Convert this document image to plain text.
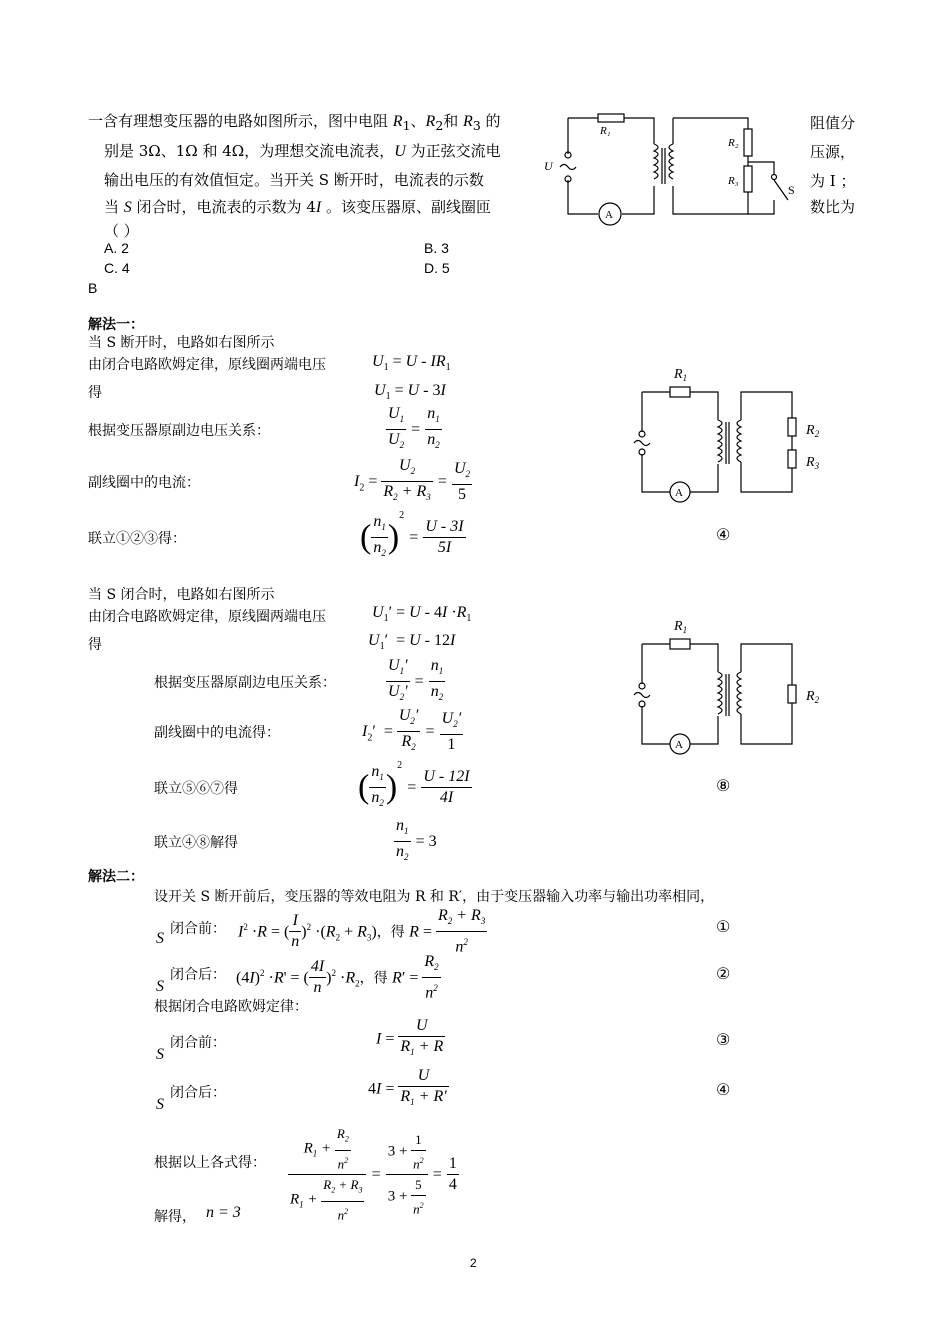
一含有理想变压器的电路如图所示，图中电阻 $R_1$、$R_2$和 $R_3$ 的
别是 3Ω、1Ω 和 4Ω，为理想交流电流表，U 为正弦交流电
输出电压的有效值恒定。当开关 S 断开时，电流表的示数
当 S 闭合时，电流表的示数为 4I 。该变压器原、副线圈匝
（ ）
阻值分
压源，
为 I ；
数比为
A. 2	B. 3
C. 4	D. 5
B
R₁
R₂
R₃
U
S
A
解法一：
当 S 断开时，电路如右图所示
由闭合电路欧姆定律，原线圈两端电压	$U_1 = U - IR_1$
得	$U_1 = U - 3I$
根据变压器原副边电压关系：	$\frac{U_1}{U_2} = \frac{n_1}{n_2}$
副线圈中的电流：	$I_2 = \frac{U_2}{R_2 + R_3} = \frac{U_2}{5}$
联立①②③得：	( $\frac{n_1}{n_2} )^2 = \frac{U - 3I}{5I}$	④
$R_1$
$R_2$
$R_3$
A
当 S 闭合时，电路如右图所示
由闭合电路欧姆定律，原线圈两端电压	$U_1' = U - 4I \cdot R_1$
得	$U_1' = U - 12I$
根据变压器原副边电压关系：	$\frac{U_1'}{U_2'} = \frac{n_1}{n_2}$
副线圈中的电流得：	$I_2' = \frac{U_2'}{R_2} = \frac{U_2'}{1}$
联立⑤⑥⑦得	( $\frac{n_1}{n_2} )^2 = \frac{U - 12I}{4I}$	⑧
$R_1$
$R_2$
A
联立④⑧解得	$\frac{n_1}{n_2} = 3$
解法二：
设开关 S 断开前后，变压器的等效电阻为 R 和 R′，由于变压器输入功率与输出功率相同，
S
闭合前： $I^2 \cdot R$ = ( $\frac{I}{n} )^2 \cdot(R_2 + R_3)$，得 $R = \frac{R_2 + R_3}{n^2}$	①
S
闭合后： $(4I)^2 \cdot R'$ = ( $\frac{4I}{n} )^2 \cdot R_2$，得 $R' = \frac{R_2}{n^2}$	②
根据闭合电路欧姆定律：
S
闭合前：	$I = \frac{U}{R_1 + R}$	③
S
闭合后：	$4I = \frac{U}{R_1 + R'}$	④
根据以上各式得： $\frac{R_1 + \frac{R_2}{n^2}}{R_1 + \frac{R_2 + R_3}{n^2}} = \frac{3 + \frac{1}{n^2}}{3 + \frac{5}{n^2}} = \frac{1}{4}$
解得， n = 3
2
